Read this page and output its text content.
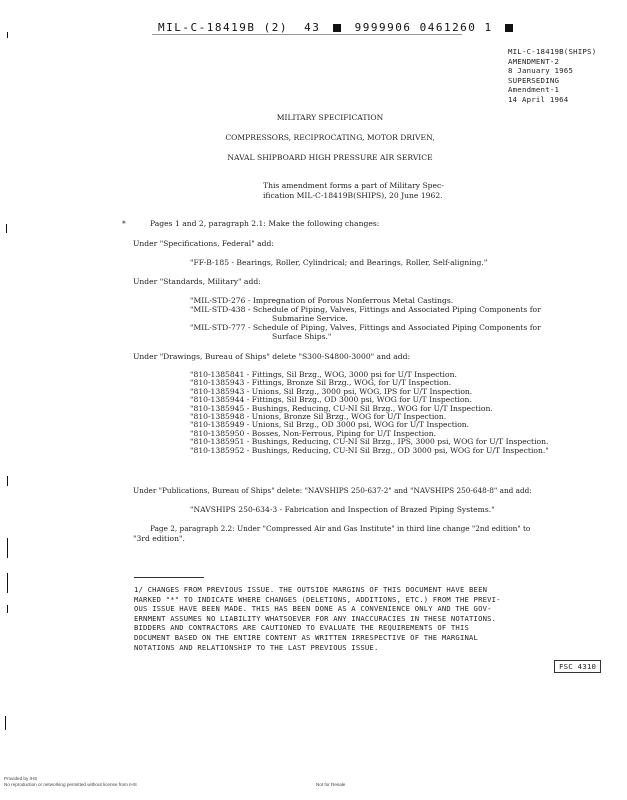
MIL-C-18419B (2) 43	9999906 0461260 1
MIL-C-18419B(SHIPS)
AMENDMENT-2
8 January 1965
SUPERSEDING
Amendment-1
14 April 1964
MILITARY SPECIFICATION
COMPRESSORS, RECIPROCATING, MOTOR DRIVEN,
NAVAL SHIPBOARD HIGH PRESSURE AIR SERVICE
This amendment forms a part of Military Spec-
ification MIL-C-18419B(SHIPS), 20 June 1962.
*	Pages 1 and 2, paragraph 2.1: Make the following changes:
Under "Specifications, Federal" add:
"FF-B-185 - Bearings, Roller, Cylindrical; and Bearings, Roller, Self-aligning."
Under "Standards, Military" add:
"MIL-STD-276 - Impregnation of Porous Nonferrous Metal Castings.
"MIL-STD-438 - Schedule of Piping, Valves, Fittings and Associated Piping Components for
Submarine Service.
"MIL-STD-777 - Schedule of Piping, Valves, Fittings and Associated Piping Components for
Surface Ships."
Under "Drawings, Bureau of Ships" delete "S300-S4800-3000" and add:
"810-1385841 - Fittings, Sil Brzg., WOG, 3000 psi for U/T Inspection.
"810-1385943 - Fittings, Bronze Sil Brzg., WOG, for U/T Inspection.
"810-1385943 - Unions, Sil Brzg., 3000 psi, WOG, IPS for U/T Inspection.
"810-1385944 - Fittings, Sil Brzg., OD 3000 psi, WOG for U/T Inspection.
"810-1385945 - Bushings, Reducing, CU-NI Sil Brzg., WOG for U/T Inspection.
"810-1385948 - Unions, Bronze Sil Brzg., WOG for U/T Inspection.
"810-1385949 - Unions, Sil Brzg., OD 3000 psi, WOG for U/T Inspection.
"810-1385950 - Bosses, Non-Ferrous, Piping for U/T Inspection.
"810-1385951 - Bushings, Reducing, CU-NI Sil Brzg., IPS, 3000 psi, WOG for U/T Inspection.
"810-1385952 - Bushings, Reducing, CU-NI Sil Brzg., OD 3000 psi, WOG for U/T Inspection."
Under "Publications, Bureau of Ships" delete: "NAVSHIPS 250-637-2" and "NAVSHIPS 250-648-8" and add:
"NAVSHIPS 250-634-3 - Fabrication and Inspection of Brazed Piping Systems."
Page 2, paragraph 2.2: Under "Compressed Air and Gas Institute" in third line change "2nd edition" to
"3rd edition".
1/ CHANGES FROM PREVIOUS ISSUE. THE OUTSIDE MARGINS OF THIS DOCUMENT HAVE BEEN
MARKED "*" TO INDICATE WHERE CHANGES (DELETIONS, ADDITIONS, ETC.) FROM THE PREVI-
OUS ISSUE HAVE BEEN MADE. THIS HAS BEEN DONE AS A CONVENIENCE ONLY AND THE GOV-
ERNMENT ASSUMES NO LIABILITY WHATSOEVER FOR ANY INACCURACIES IN THESE NOTATIONS.
BIDDERS AND CONTRACTORS ARE CAUTIONED TO EVALUATE THE REQUIREMENTS OF THIS
DOCUMENT BASED ON THE ENTIRE CONTENT AS WRITTEN IRRESPECTIVE OF THE MARGINAL
NOTATIONS AND RELATIONSHIP TO THE LAST PREVIOUS ISSUE.
FSC 4310
Provided by IHS
No reproduction or networking permitted without license from IHS	Not for Resale
